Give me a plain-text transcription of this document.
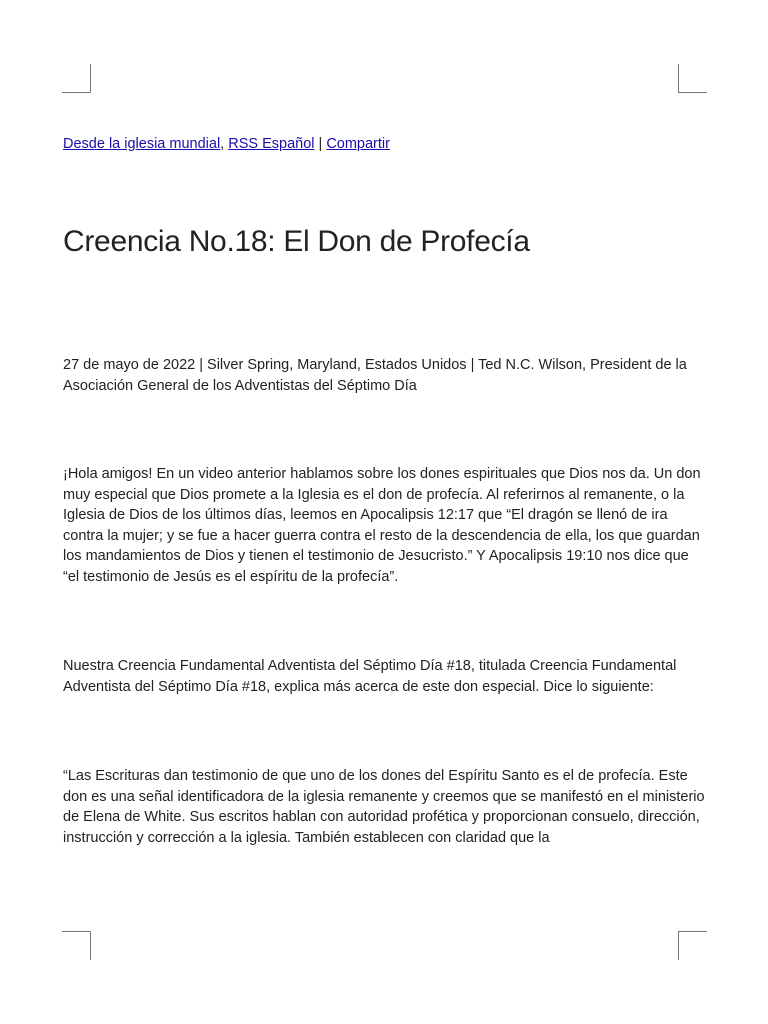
Desde la iglesia mundial, RSS Español | Compartir
Creencia No.18: El Don de Profecía

27 de mayo de 2022 | Silver Spring, Maryland, Estados Unidos | Ted N.C. Wilson, President de la Asociación General de los Adventistas del Séptimo Día

¡Hola amigos! En un video anterior hablamos sobre los dones espirituales que Dios nos da. Un don muy especial que Dios promete a la Iglesia es el don de profecía. Al referirnos al remanente, o la Iglesia de Dios de los últimos días, leemos en Apocalipsis 12:17 que “El dragón se llenó de ira contra la mujer; y se fue a hacer guerra contra el resto de la descendencia de ella, los que guardan los mandamientos de Dios y tienen el testimonio de Jesucristo.” Y Apocalipsis 19:10 nos dice que “el testimonio de Jesús es el espíritu de la profecía”.

Nuestra Creencia Fundamental Adventista del Séptimo Día #18, titulada Creencia Fundamental Adventista del Séptimo Día #18, explica más acerca de este don especial. Dice lo siguiente:

“Las Escrituras dan testimonio de que uno de los dones del Espíritu Santo es el de profecía. Este don es una señal identificadora de la iglesia remanente y creemos que se manifestó en el ministerio de Elena de White. Sus escritos hablan con autoridad profética y proporcionan consuelo, dirección, instrucción y corrección a la iglesia. También establecen con claridad que la
